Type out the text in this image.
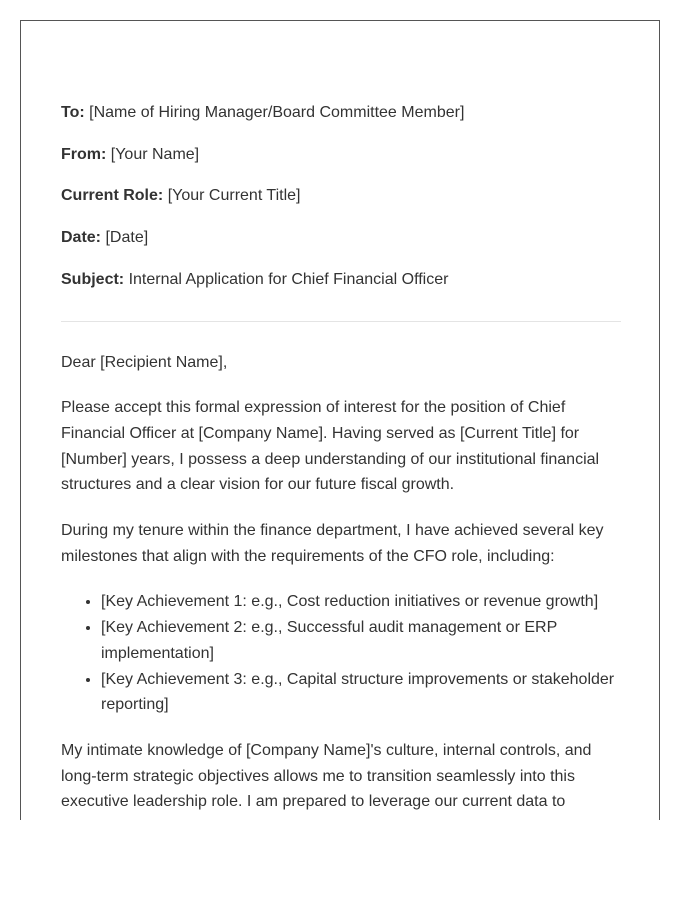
To: [Name of Hiring Manager/Board Committee Member]
From: [Your Name]
Current Role: [Your Current Title]
Date: [Date]
Subject: Internal Application for Chief Financial Officer

Dear [Recipient Name],

Please accept this formal expression of interest for the position of Chief Financial Officer at [Company Name]. Having served as [Current Title] for [Number] years, I possess a deep understanding of our institutional financial structures and a clear vision for our future fiscal growth.

During my tenure within the finance department, I have achieved several key milestones that align with the requirements of the CFO role, including:

• [Key Achievement 1: e.g., Cost reduction initiatives or revenue growth]
• [Key Achievement 2: e.g., Successful audit management or ERP implementation]
• [Key Achievement 3: e.g., Capital structure improvements or stakeholder reporting]

My intimate knowledge of [Company Name]'s culture, internal controls, and long-term strategic objectives allows me to transition seamlessly into this executive leadership role. I am prepared to leverage our current data to
